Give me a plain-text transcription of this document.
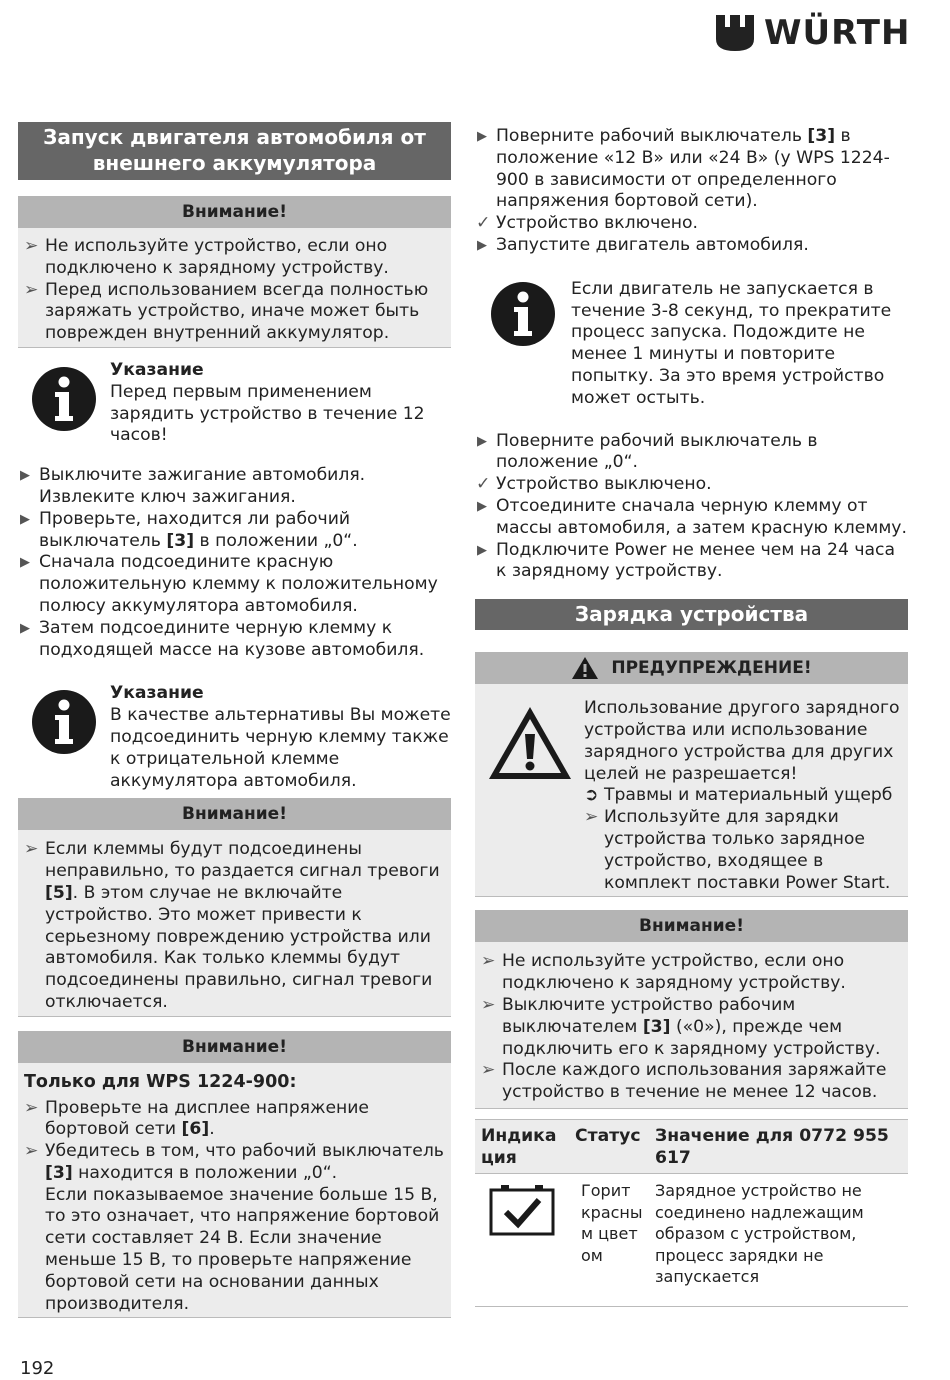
WÜRTH
Запуск двигателя автомобиля от внешнего аккумулятора
Внимание!
➢ Не используйте устройство, если оно подключено к зарядному устройству.
➢ Перед использованием всегда полностью заряжать устройство, иначе может быть поврежден внутренний аккумулятор.
Указание
Перед первым применением зарядить устройство в течение 12 часов!
▶ Выключите зажигание автомобиля. Извлеките ключ зажигания.
▶ Проверьте, находится ли рабочий выключатель [3] в положении „0“.
▶ Сначала подсоедините красную положительную клемму к положительному полюсу аккумулятора автомобиля.
▶ Затем подсоедините черную клемму к подходящей массе на кузове автомобиля.
Указание
В качестве альтернативы Вы можете подсоединить черную клемму также к отрицательной клемме аккумулятора автомобиля.
Внимание!
➢ Если клеммы будут подсоединены неправильно, то раздается сигнал тревоги [5]. В этом случае не включайте устройство. Это может привести к серьезному повреждению устройства или автомобиля. Как только клеммы будут подсоединены правильно, сигнал тревоги отключается.
Внимание!
Только для WPS 1224-900:
➢ Проверьте на дисплее напряжение бортовой сети [6].
➢ Убедитесь в том, что рабочий выключатель [3] находится в положении „0“.
Если показываемое значение больше 15 В, то это означает, что напряжение бортовой сети составляет 24 В. Если значение меньше 15 В, то проверьте напряжение бортовой сети на основании данных производителя.
▶ Поверните рабочий выключатель [3] в положение «12 В» или «24 В» (у WPS 1224-900 в зависимости от определенного напряжения бортовой сети).
✓ Устройство включено.
▶ Запустите двигатель автомобиля.
Если двигатель не запускается в течение 3-8 секунд, то прекратите процесс запуска. Подождите не менее 1 минуты и повторите попытку. За это время устройство может остыть.
▶ Поверните рабочий выключатель в положение „0“.
✓ Устройство выключено.
▶ Отсоедините сначала черную клемму от массы автомобиля, а затем красную клемму.
▶ Подключите Power не менее чем на 24 часа к зарядному устройству.
Зарядка устройства
ПРЕДУПРЕЖДЕНИЕ!
Использование другого зарядного устройства или использование зарядного устройства для других целей не разрешается!
➲ Травмы и материальный ущерб
➢ Используйте для зарядки устройства только зарядное устройство, входящее в комплект поставки Power Start.
Внимание!
➢ Не используйте устройство, если оно подключено к зарядному устройству.
➢ Выключите устройство рабочим выключателем [3] («0»), прежде чем подключить его к зарядному устройству.
➢ После каждого использования заряжайте устройство в течение не менее 12 часов.
Индикация
Статус Значение для 0772 955 617
Горит красным цветом
Зарядное устройство не соединено надлежащим образом с устройством, процесс зарядки не запускается
192
